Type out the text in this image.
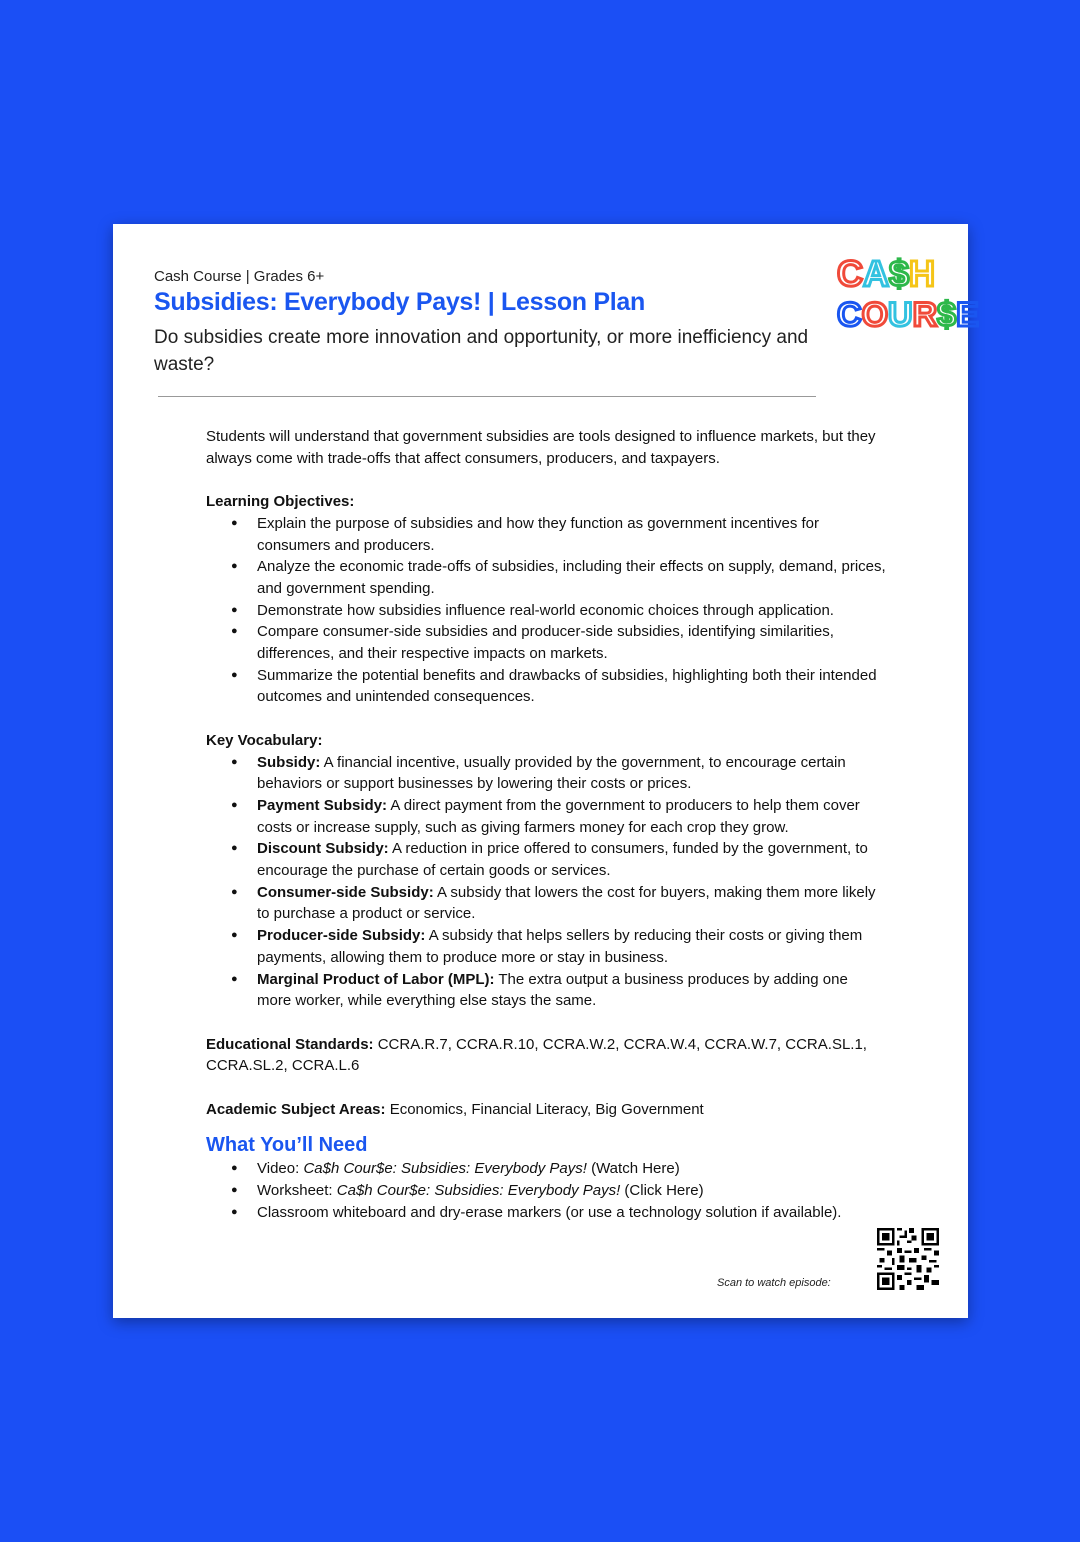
Cash Course | Grades 6+
Subsidies: Everybody Pays! | Lesson Plan
Do subsidies create more innovation and opportunity, or more inefficiency and waste?
CA$H
COUR$E

Students will understand that government subsidies are tools designed to influence markets, but they always come with trade-offs that affect consumers, producers, and taxpayers.

Learning Objectives:

● Explain the purpose of subsidies and how they function as government incentives for consumers and producers.
● Analyze the economic trade-offs of subsidies, including their effects on supply, demand, prices, and government spending.
● Demonstrate how subsidies influence real-world economic choices through application.
● Compare consumer-side subsidies and producer-side subsidies, identifying similarities, differences, and their respective impacts on markets.
● Summarize the potential benefits and drawbacks of subsidies, highlighting both their intended outcomes and unintended consequences.

Key Vocabulary:

● Subsidy: A financial incentive, usually provided by the government, to encourage certain behaviors or support businesses by lowering their costs or prices.
● Payment Subsidy: A direct payment from the government to producers to help them cover costs or increase supply, such as giving farmers money for each crop they grow.
● Discount Subsidy: A reduction in price offered to consumers, funded by the government, to encourage the purchase of certain goods or services.
● Consumer-side Subsidy: A subsidy that lowers the cost for buyers, making them more likely to purchase a product or service.
● Producer-side Subsidy: A subsidy that helps sellers by reducing their costs or giving them payments, allowing them to produce more or stay in business.
● Marginal Product of Labor (MPL): The extra output a business produces by adding one more worker, while everything else stays the same.

Educational Standards: CCRA.R.7, CCRA.R.10, CCRA.W.2, CCRA.W.4, CCRA.W.7, CCRA.SL.1, CCRA.SL.2, CCRA.L.6

Academic Subject Areas: Economics, Financial Literacy, Big Government

What You’ll Need
● Video: Ca$h Cour$e: Subsidies: Everybody Pays! (Watch Here)
● Worksheet: Ca$h Cour$e: Subsidies: Everybody Pays! (Click Here)
● Classroom whiteboard and dry-erase markers (or use a technology solution if available).
Scan to watch episode:
